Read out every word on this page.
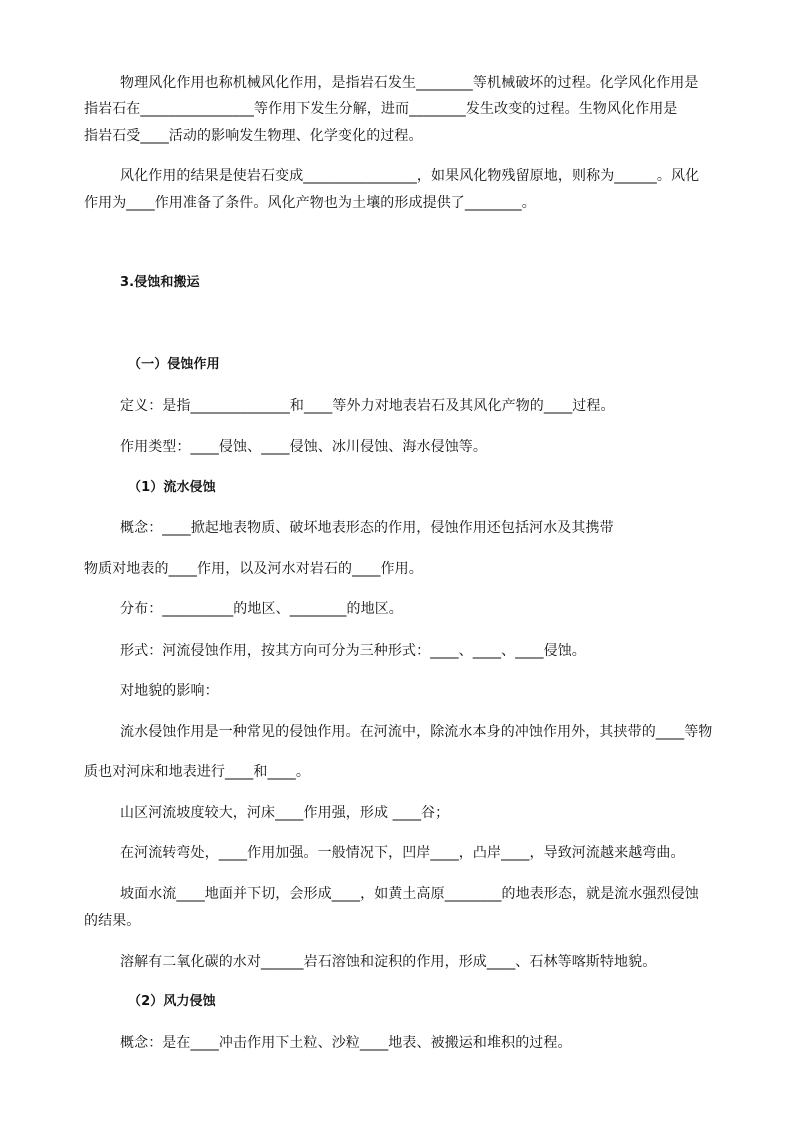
物理风化作用也称机械风化作用，是指岩石发生________等机械破坏的过程。化学风化作用是
指岩石在________________等作用下发生分解，进而________发生改变的过程。生物风化作用是
指岩石受____活动的影响发生物理、化学变化的过程。
风化作用的结果是使岩石变成________________，如果风化物残留原地，则称为______。风化
作用为____作用准备了条件。风化产物也为土壤的形成提供了________。
3.侵蚀和搬运
（一）侵蚀作用
定义：是指______________和____等外力对地表岩石及其风化产物的____过程。
作用类型：____侵蚀、____侵蚀、冰川侵蚀、海水侵蚀等。
（1）流水侵蚀
概念：____掀起地表物质、破坏地表形态的作用，侵蚀作用还包括河水及其携带
物质对地表的____作用，以及河水对岩石的____作用。
分布：__________的地区、________的地区。
形式：河流侵蚀作用，按其方向可分为三种形式：____、____、____侵蚀。
对地貌的影响：
流水侵蚀作用是一种常见的侵蚀作用。在河流中，除流水本身的冲蚀作用外，其挟带的____等物
质也对河床和地表进行____和____。
山区河流坡度较大，河床____作用强，形成 ____谷；
在河流转弯处，____作用加强。一般情况下，凹岸____，凸岸____，导致河流越来越弯曲。
坡面水流____地面并下切，会形成____，如黄土高原________的地表形态，就是流水强烈侵蚀
的结果。
溶解有二氧化碳的水对______岩石溶蚀和淀积的作用，形成____、石林等喀斯特地貌。
（2）风力侵蚀
概念：是在____冲击作用下土粒、沙粒____地表、被搬运和堆积的过程。
